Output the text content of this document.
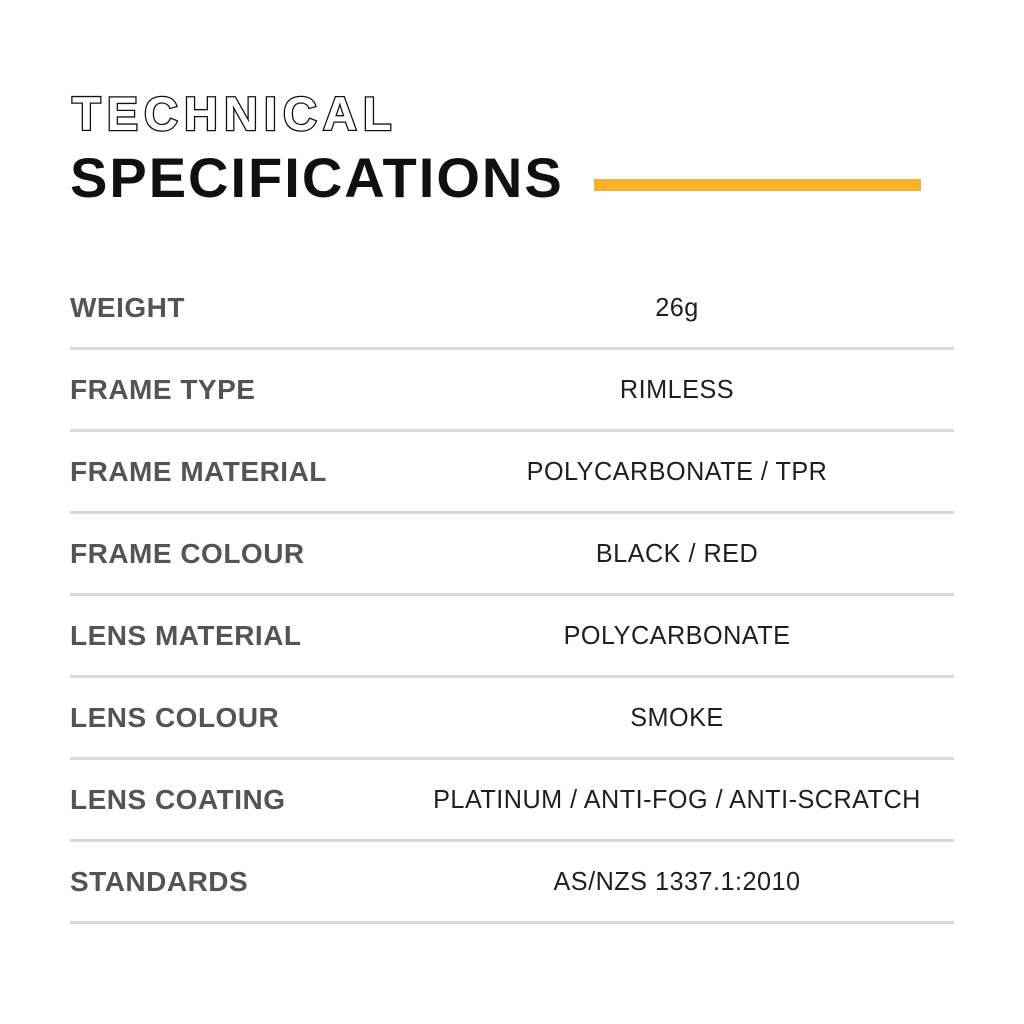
TECHNICAL
SPECIFICATIONS
WEIGHT	26g
FRAME TYPE	RIMLESS
FRAME MATERIAL	POLYCARBONATE / TPR
FRAME COLOUR	BLACK / RED
LENS MATERIAL	POLYCARBONATE
LENS COLOUR	SMOKE
LENS COATING	PLATINUM / ANTI-FOG / ANTI-SCRATCH
STANDARDS	AS/NZS 1337.1:2010
